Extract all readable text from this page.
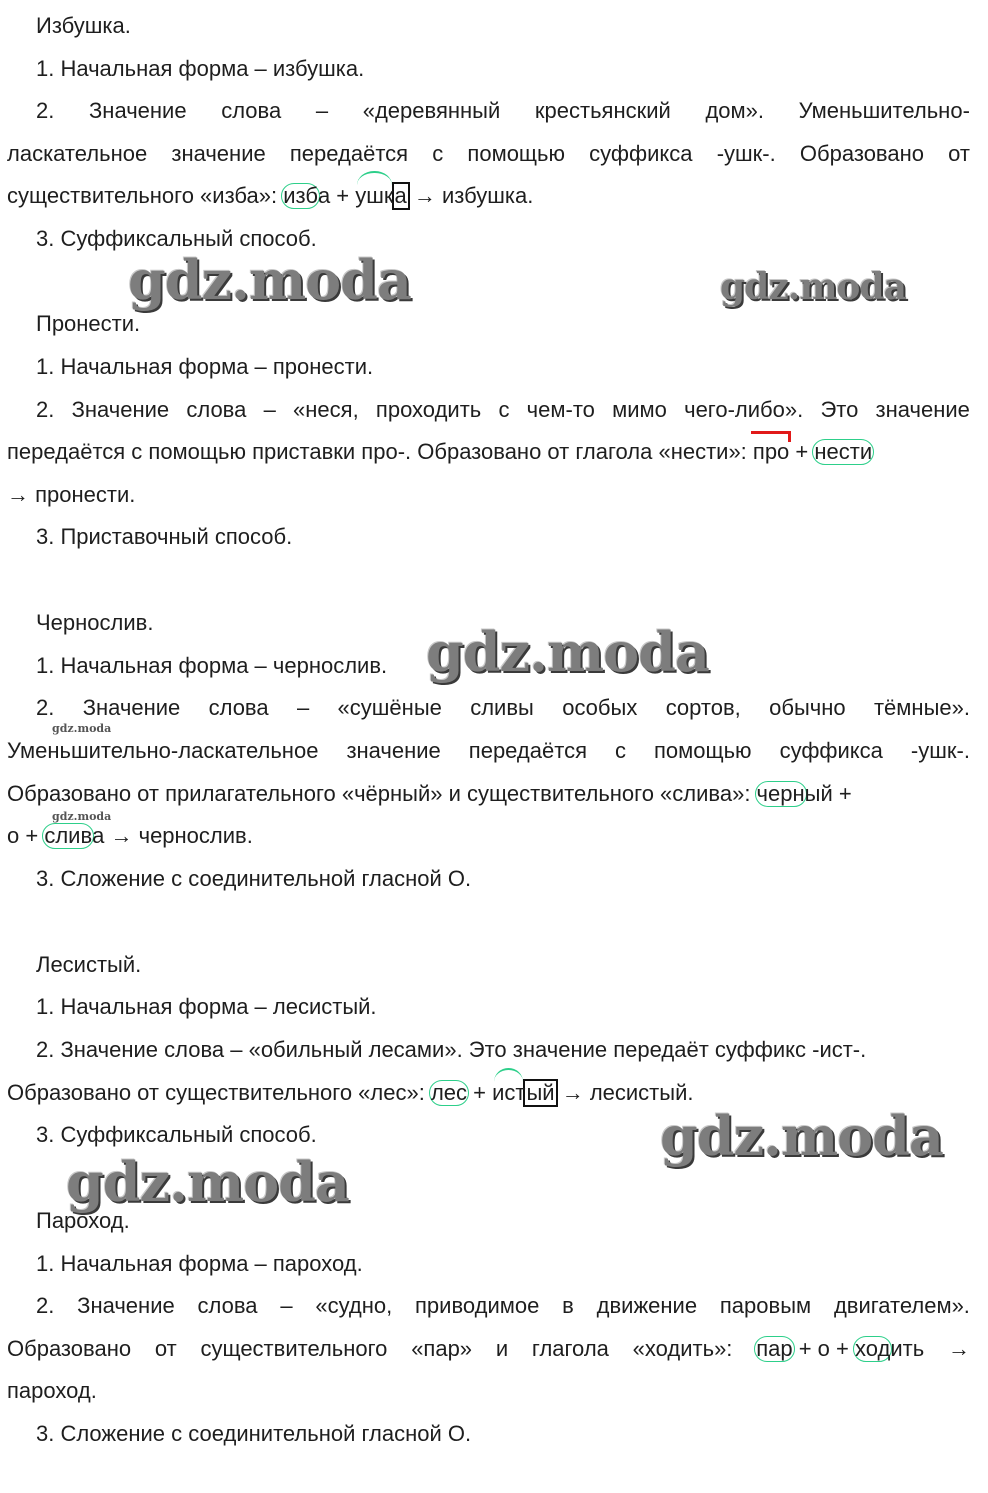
Избушка.
1. Начальная форма – избушка.
2. Значение слова – «деревянный крестьянский дом». Уменьшительно-
ласкательное значение передаётся с помощью суффикса -ушк-. Образовано от
существительного «изба»: изба + ушка → избушка.
3. Суффиксальный способ.
Пронести.
1. Начальная форма – пронести.
2. Значение слова – «неся, проходить с чем-то мимо чего-либо». Это значение
передаётся с помощью приставки про-. Образовано от глагола «нести»: про + нести
→ пронести.
3. Приставочный способ.
Чернослив.
1. Начальная форма – чернослив.
2. Значение слова – «сушёные сливы особых сортов, обычно тёмные».
Уменьшительно-ласкательное значение передаётся с помощью суффикса -ушк-.
Образовано от прилагательного «чёрный» и существительного «слива»: черный +
о + слива → чернослив.
3. Сложение с соединительной гласной О.
Лесистый.
1. Начальная форма – лесистый.
2. Значение слова – «обильный лесами». Это значение передаёт суффикс -ист-.
Образовано от существительного «лес»: лес + истый → лесистый.
3. Суффиксальный способ.
Пароход.
1. Начальная форма – пароход.
2. Значение слова – «судно, приводимое в движение паровым двигателем».
Образовано от существительного «пар» и глагола «ходить»: пар + о + ходить →
пароход.
3. Сложение с соединительной гласной О.
gdz.moda	gdz.moda
gdz.moda
gdz.moda
gdz.moda
gdz.moda
gdz.moda
